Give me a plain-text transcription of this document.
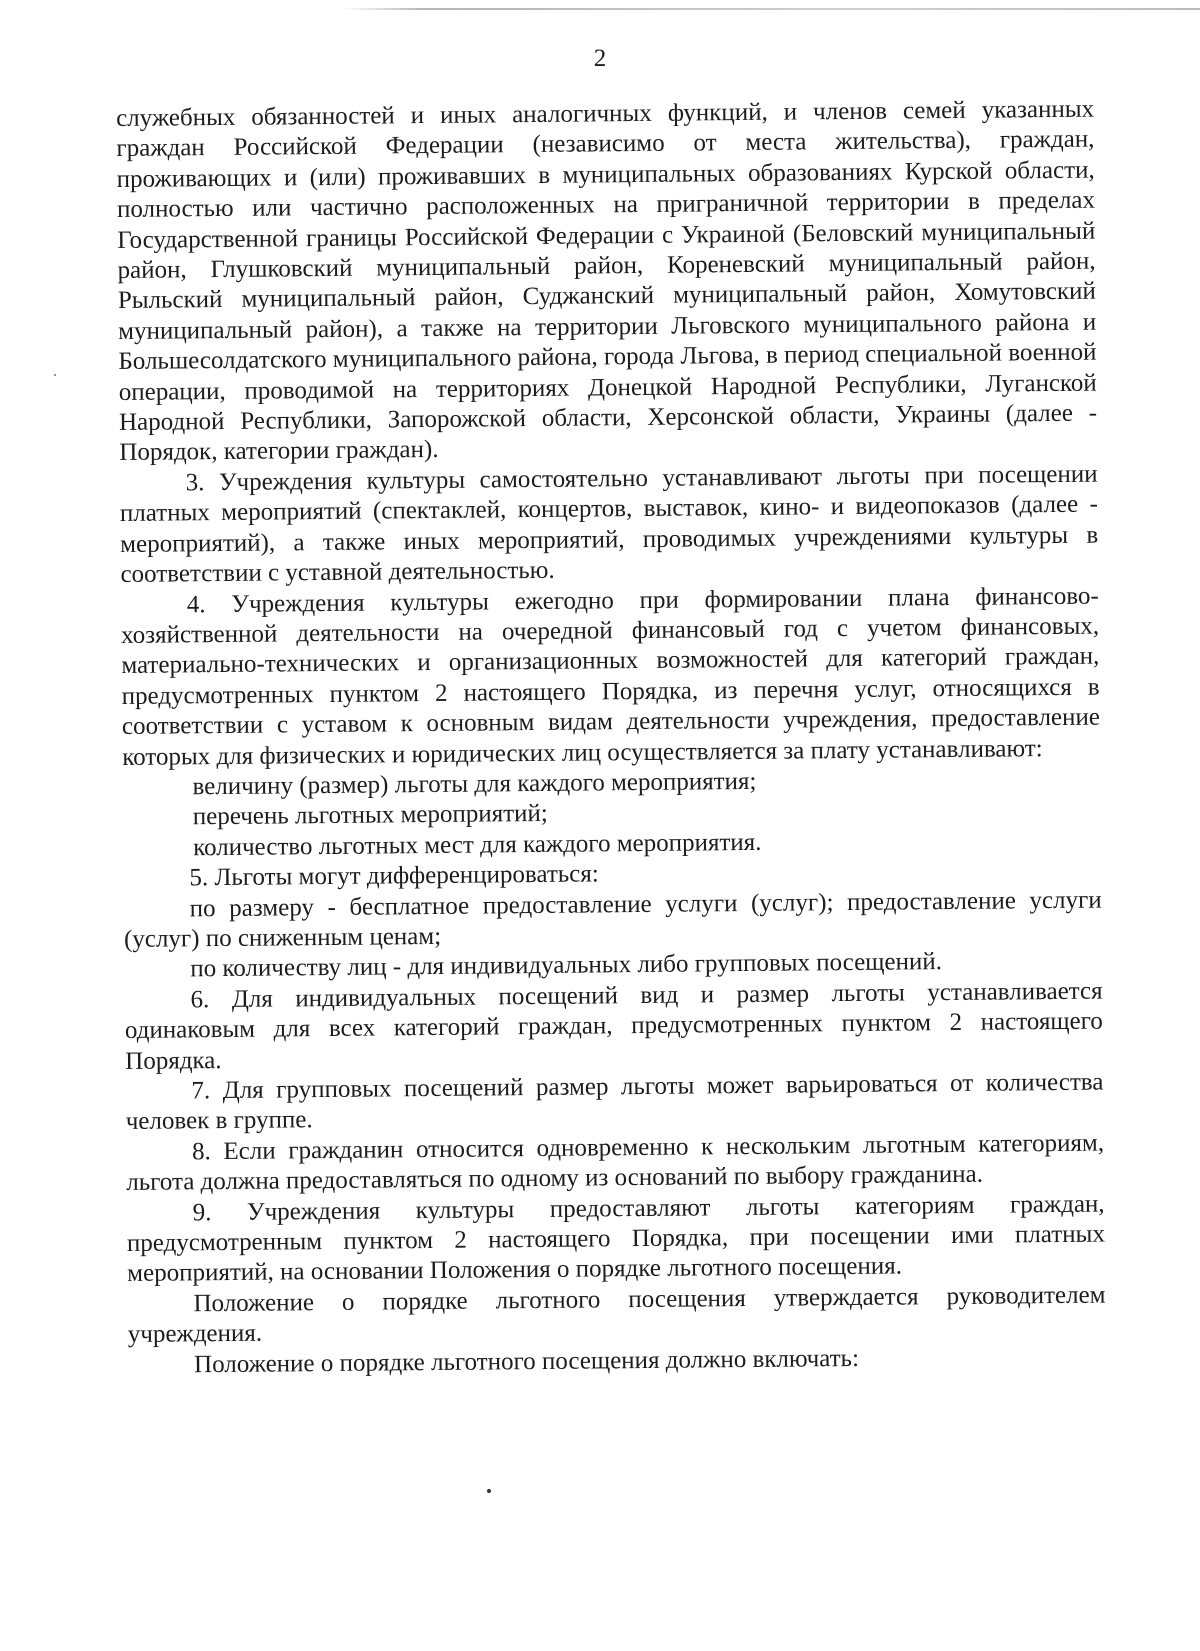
2

служебных обязанностей и иных аналогичных функций, и членов семей указанных граждан Российской Федерации (независимо от места жительства), граждан, проживающих и (или) проживавших в муниципальных образованиях Курской области, полностью или частично расположенных на приграничной территории в пределах Государственной границы Российской Федерации с Украиной (Беловский муниципальный район, Глушковский муниципальный район, Кореневский муниципальный район, Рыльский муниципальный район, Суджанский муниципальный район, Хомутовский муниципальный район), а также на территории Льговского муниципального района и Большесолдатского муниципального района, города Льгова, в период специальной военной операции, проводимой на территориях Донецкой Народной Республики, Луганской Народной Республики, Запорожской области, Херсонской области, Украины (далее - Порядок, категории граждан).

3. Учреждения культуры самостоятельно устанавливают льготы при посещении платных мероприятий (спектаклей, концертов, выставок, кино- и видеопоказов (далее - мероприятий), а также иных мероприятий, проводимых учреждениями культуры в соответствии с уставной деятельностью.

4. Учреждения культуры ежегодно при формировании плана финансово-хозяйственной деятельности на очередной финансовый год с учетом финансовых, материально-технических и организационных возможностей для категорий граждан, предусмотренных пунктом 2 настоящего Порядка, из перечня услуг, относящихся в соответствии с уставом к основным видам деятельности учреждения, предоставление которых для физических и юридических лиц осуществляется за плату устанавливают:

величину (размер) льготы для каждого мероприятия;

перечень льготных мероприятий;

количество льготных мест для каждого мероприятия.

5. Льготы могут дифференцироваться:

по размеру - бесплатное предоставление услуги (услуг); предоставление услуги (услуг) по сниженным ценам;

по количеству лиц - для индивидуальных либо групповых посещений.

6. Для индивидуальных посещений вид и размер льготы устанавливается одинаковым для всех категорий граждан, предусмотренных пунктом 2 настоящего Порядка.

7. Для групповых посещений размер льготы может варьироваться от количества человек в группе.

8. Если гражданин относится одновременно к нескольким льготным категориям, льгота должна предоставляться по одному из оснований по выбору гражданина.

9. Учреждения культуры предоставляют льготы категориям граждан, предусмотренным пунктом 2 настоящего Порядка, при посещении ими платных мероприятий, на основании Положения о порядке льготного посещения.

Положение о порядке льготного посещения утверждается руководителем учреждения.

Положение о порядке льготного посещения должно включать:
